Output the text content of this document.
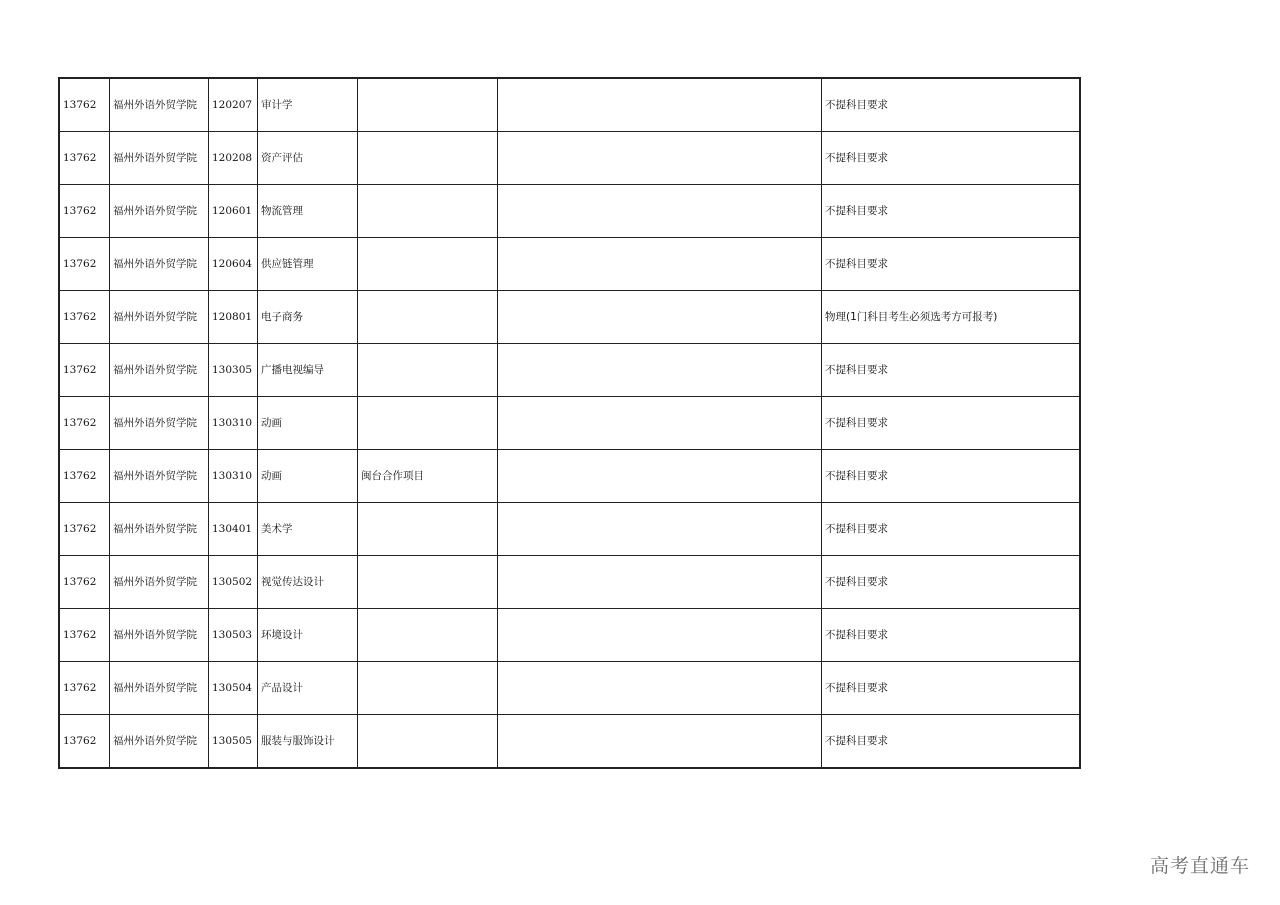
13762	福州外语外贸学院	120207	审计学			不提科目要求
13762	福州外语外贸学院	120208	资产评估			不提科目要求
13762	福州外语外贸学院	120601	物流管理			不提科目要求
13762	福州外语外贸学院	120604	供应链管理			不提科目要求
13762	福州外语外贸学院	120801	电子商务			物理(1门科目考生必须选考方可报考)
13762	福州外语外贸学院	130305	广播电视编导			不提科目要求
13762	福州外语外贸学院	130310	动画			不提科目要求
13762	福州外语外贸学院	130310	动画	闽台合作项目		不提科目要求
13762	福州外语外贸学院	130401	美术学			不提科目要求
13762	福州外语外贸学院	130502	视觉传达设计			不提科目要求
13762	福州外语外贸学院	130503	环境设计			不提科目要求
13762	福州外语外贸学院	130504	产品设计			不提科目要求
13762	福州外语外贸学院	130505	服装与服饰设计			不提科目要求
高考直通车
